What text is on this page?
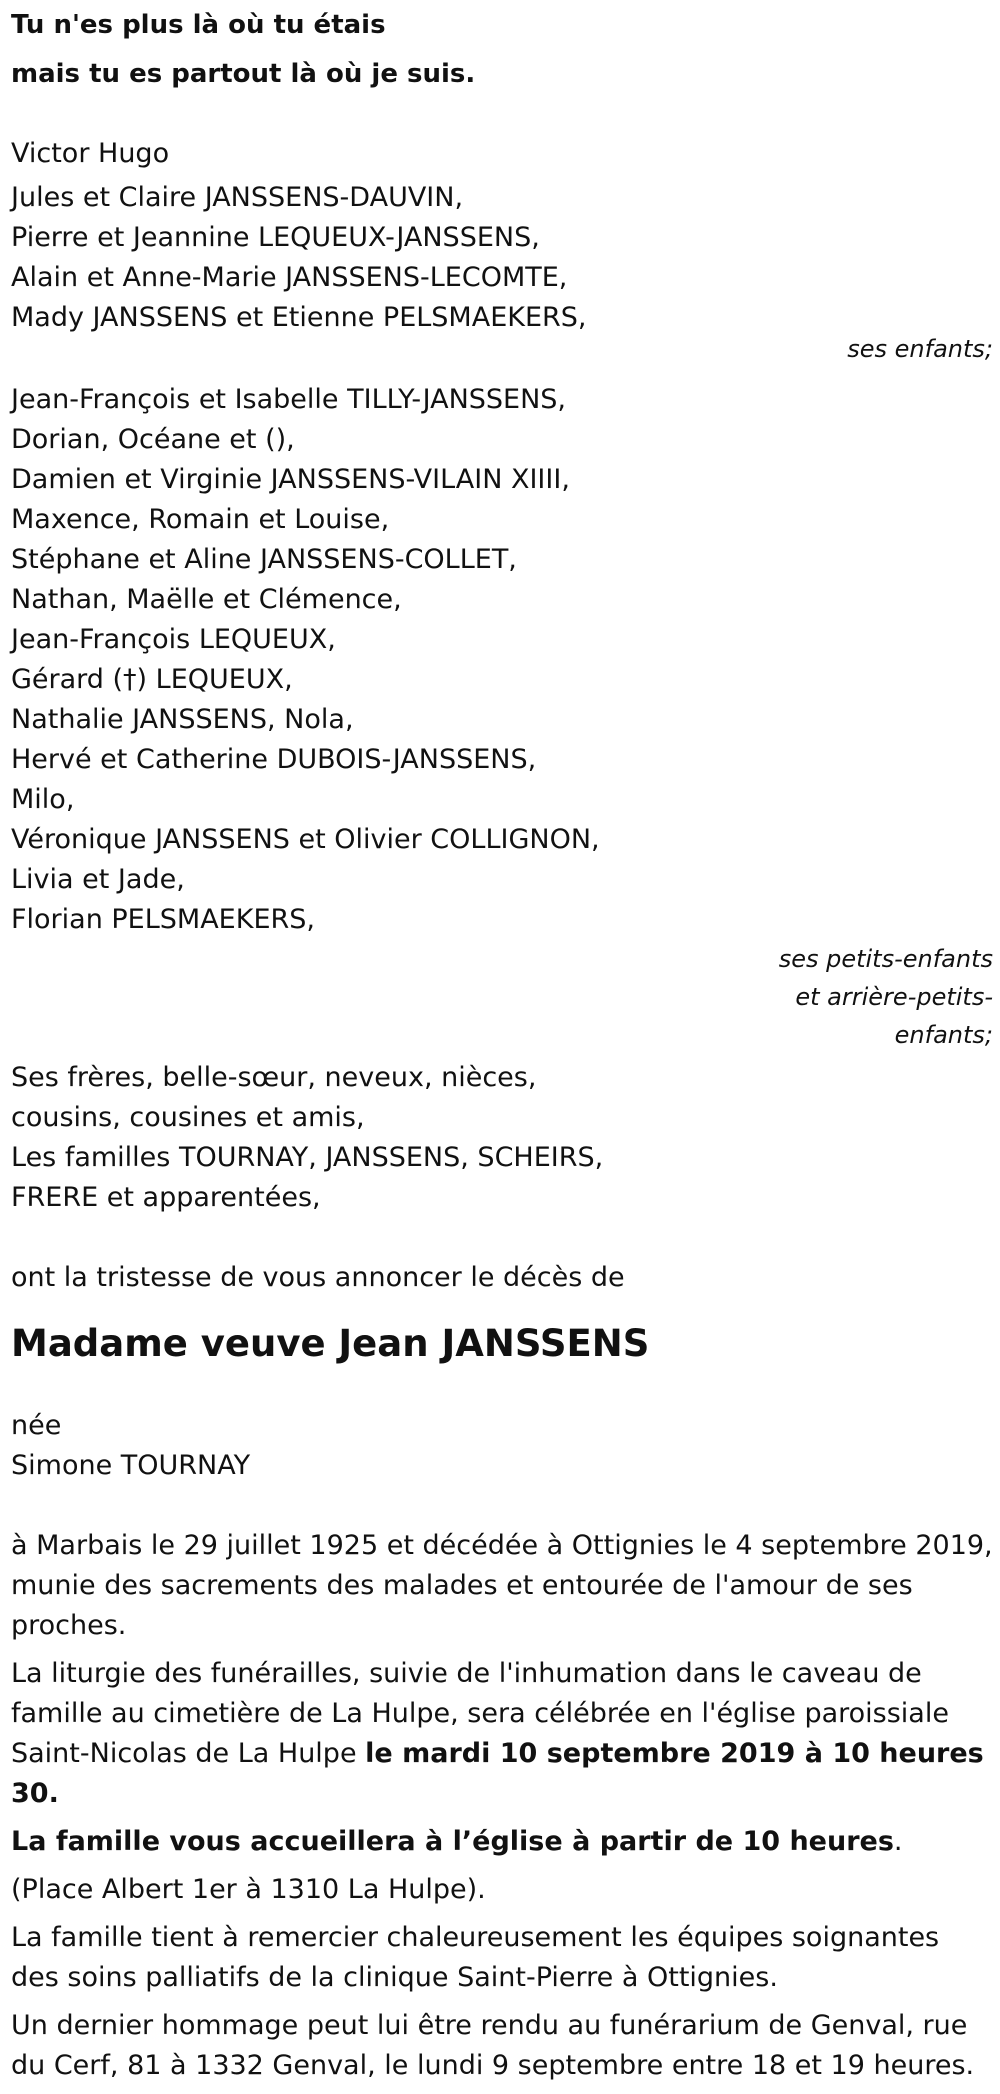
Tu n'es plus là où tu étais

mais tu es partout là où je suis.

Victor Hugo

Jules et Claire JANSSENS-DAUVIN,

Pierre et Jeannine LEQUEUX-JANSSENS,

Alain et Anne-Marie JANSSENS-LECOMTE,

Mady JANSSENS et Etienne PELSMAEKERS,

ses enfants;

Jean-François et Isabelle TILLY-JANSSENS,

Dorian, Océane et (),

Damien et Virginie JANSSENS-VILAIN XIIII,

Maxence, Romain et Louise,

Stéphane et Aline JANSSENS-COLLET,

Nathan, Maëlle et Clémence,

Jean-François LEQUEUX,

Gérard (†) LEQUEUX,

Nathalie JANSSENS, Nola,

Hervé et Catherine DUBOIS-JANSSENS,

Milo,

Véronique JANSSENS et Olivier COLLIGNON,

Livia et Jade,

Florian PELSMAEKERS,

ses petits-enfants

et arrière-petits-

enfants;

Ses frères, belle-sœur, neveux, nièces,

cousins, cousines et amis,

Les familles TOURNAY, JANSSENS, SCHEIRS,

FRERE et apparentées,

ont la tristesse de vous annoncer le décès de

Madame veuve Jean JANSSENS

née

Simone TOURNAY

à Marbais le 29 juillet 1925 et décédée à Ottignies le 4 septembre 2019, munie des sacrements des malades et entourée de l'amour de ses proches.

La liturgie des funérailles, suivie de l'inhumation dans le caveau de famille au cimetière de La Hulpe, sera célébrée en l'église paroissiale Saint-Nicolas de La Hulpe le mardi 10 septembre 2019 à 10 heures 30.

La famille vous accueillera à l’église à partir de 10 heures.

(Place Albert 1er à 1310 La Hulpe).

La famille tient à remercier chaleureusement les équipes soignantes des soins palliatifs de la clinique Saint-Pierre à Ottignies.

Un dernier hommage peut lui être rendu au funérarium de Genval, rue du Cerf, 81 à 1332 Genval, le lundi 9 septembre entre 18 et 19 heures.
